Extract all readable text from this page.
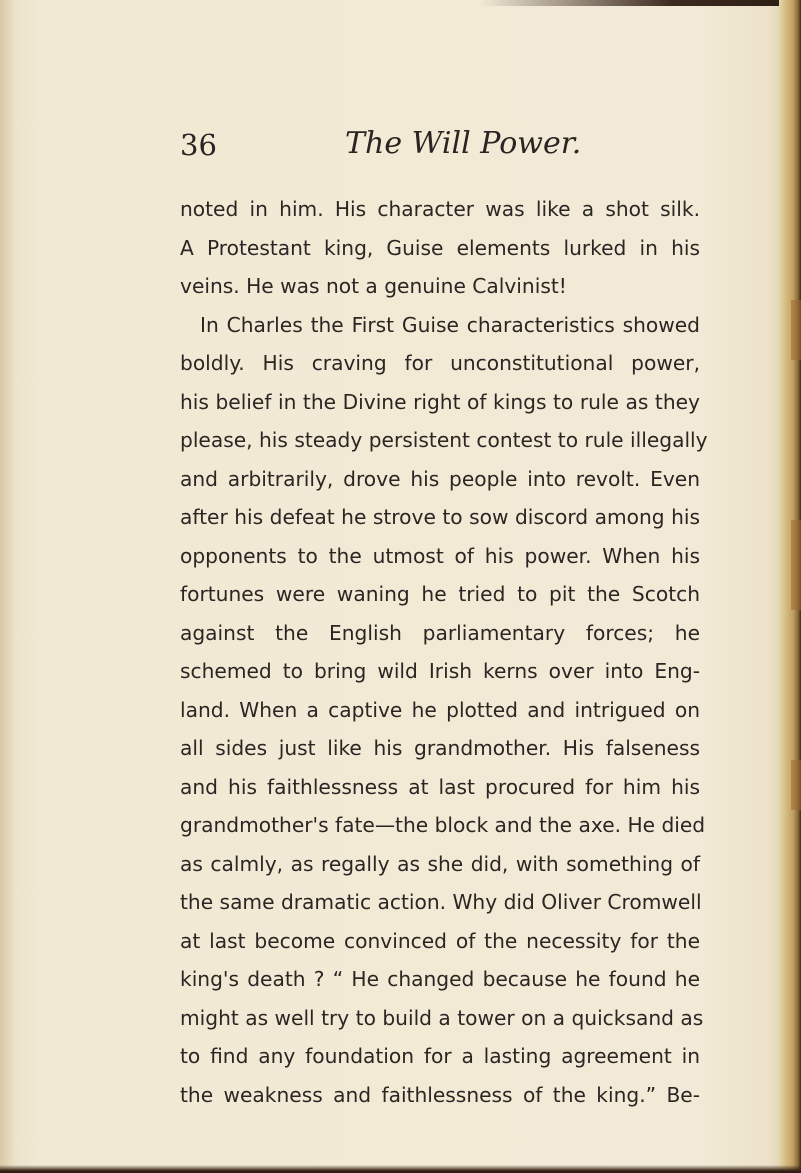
36	The Will Power.
noted in him. His character was like a shot silk.
A Protestant king, Guise elements lurked in his
veins. He was not a genuine Calvinist!
In Charles the First Guise characteristics showed
boldly. His craving for unconstitutional power,
his belief in the Divine right of kings to rule as they
please, his steady persistent contest to rule illegally
and arbitrarily, drove his people into revolt. Even
after his defeat he strove to sow discord among his
opponents to the utmost of his power. When his
fortunes were waning he tried to pit the Scotch
against the English parliamentary forces; he
schemed to bring wild Irish kerns over into Eng-
land. When a captive he plotted and intrigued on
all sides just like his grandmother. His falseness
and his faithlessness at last procured for him his
grandmother's fate—the block and the axe. He died
as calmly, as regally as she did, with something of
the same dramatic action. Why did Oliver Cromwell
at last become convinced of the necessity for the
king's death ? “ He changed because he found he
might as well try to build a tower on a quicksand as
to find any foundation for a lasting agreement in
the weakness and faithlessness of the king.” Be-
